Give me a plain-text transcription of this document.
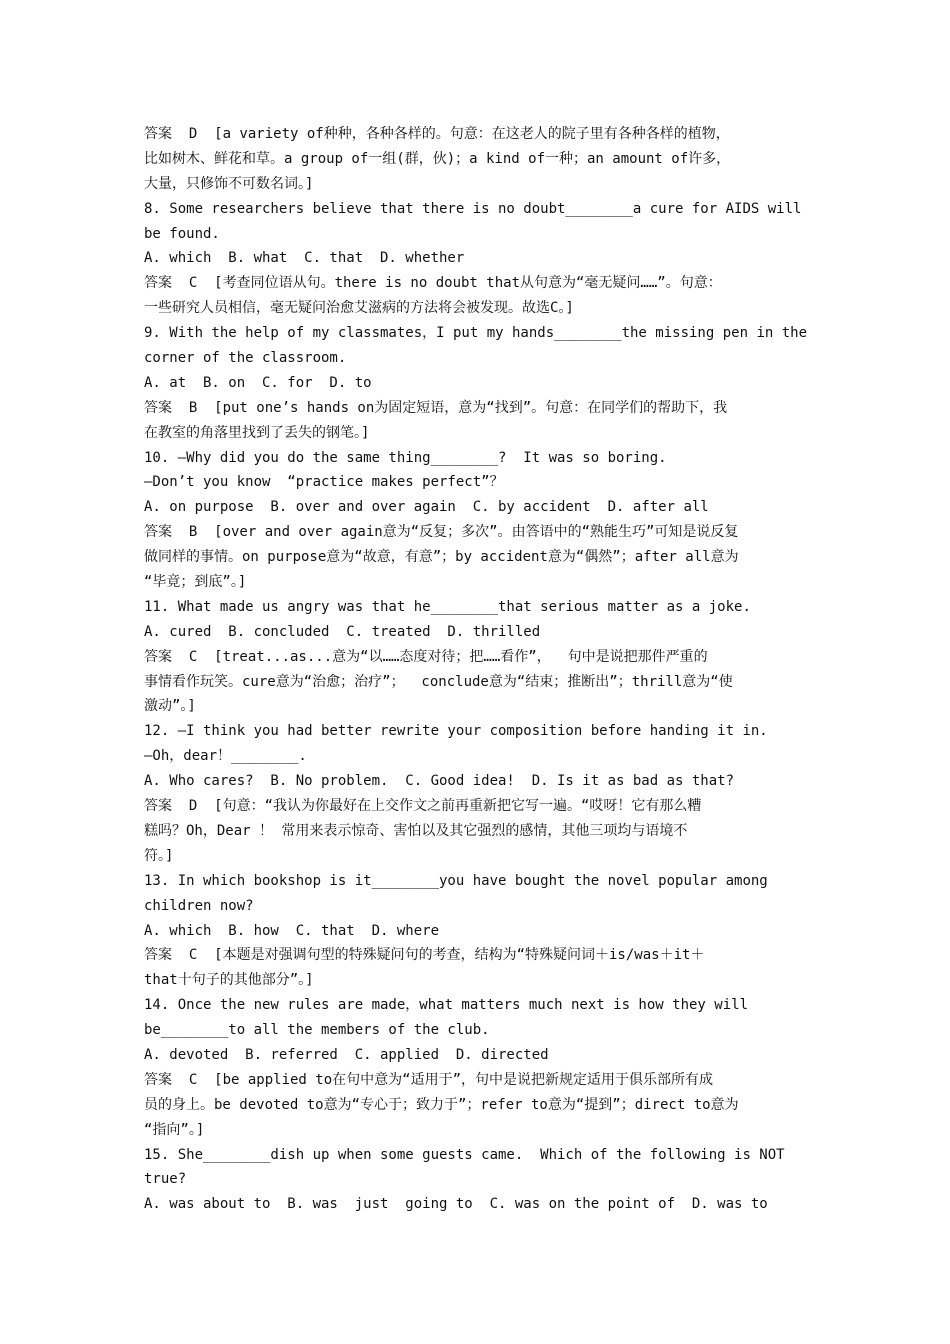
答案  D  [a variety of种种，各种各样的。句意：在这老人的院子里有各种各样的植物，
比如树木、鲜花和草。a group of一组(群，伙)；a kind of一种；an amount of许多，
大量，只修饰不可数名词。]
8. Some researchers believe that there is no doubt________a cure for AIDS will
be found.
A. which  B. what  C. that  D. whether
答案  C  [考查同位语从句。there is no doubt that从句意为“毫无疑问……”。句意：
一些研究人员相信，毫无疑问治愈艾滋病的方法将会被发现。故选C。]
9. With the help of my classmates，I put my hands________the missing pen in the
corner of the classroom.
A. at  B. on  C. for  D. to
答案  B  [put one’s hands on为固定短语，意为“找到”。句意：在同学们的帮助下，我
在教室的角落里找到了丢失的钢笔。]
10. —Why did you do the same thing________?  It was so boring.
—Don’t you know  “practice makes perfect”？
A. on purpose  B. over and over again  C. by accident  D. after all
答案  B  [over and over again意为“反复；多次”。由答语中的“熟能生巧”可知是说反复
做同样的事情。on purpose意为“故意，有意”；by accident意为“偶然”；after all意为
“毕竟；到底”。]
11. What made us angry was that he________that serious matter as a joke.
A. cured  B. concluded  C. treated  D. thrilled
答案  C  [treat...as...意为“以……态度对待；把……看作”，  句中是说把那件严重的
事情看作玩笑。cure意为“治愈；治疗”；  conclude意为“结束；推断出”；thrill意为“使
激动”。]
12. —I think you had better rewrite your composition before handing it in.
—Oh，dear！________.
A. Who cares?  B. No problem.  C. Good idea!  D. Is it as bad as that?
答案  D  [句意：“我认为你最好在上交作文之前再重新把它写一遍。“哎呀！它有那么糟
糕吗？Oh，Dear ！ 常用来表示惊奇、害怕以及其它强烈的感情，其他三项均与语境不
符。]
13. In which bookshop is it________you have bought the novel popular among
children now?
A. which  B. how  C. that  D. where
答案  C  [本题是对强调句型的特殊疑问句的考查，结构为“特殊疑问词＋is/was＋it＋
that十句子的其他部分”。]
14. Once the new rules are made，what matters much next is how they will
be________to all the members of the club.
A. devoted  B. referred  C. applied  D. directed
答案  C  [be applied to在句中意为“适用于”，句中是说把新规定适用于俱乐部所有成
员的身上。be devoted to意为“专心于；致力于”；refer to意为“提到”；direct to意为
“指向”。]
15. She________dish up when some guests came.  Which of the following is NOT
true?
A. was about to  B. was  just  going to  C. was on the point of  D. was to
